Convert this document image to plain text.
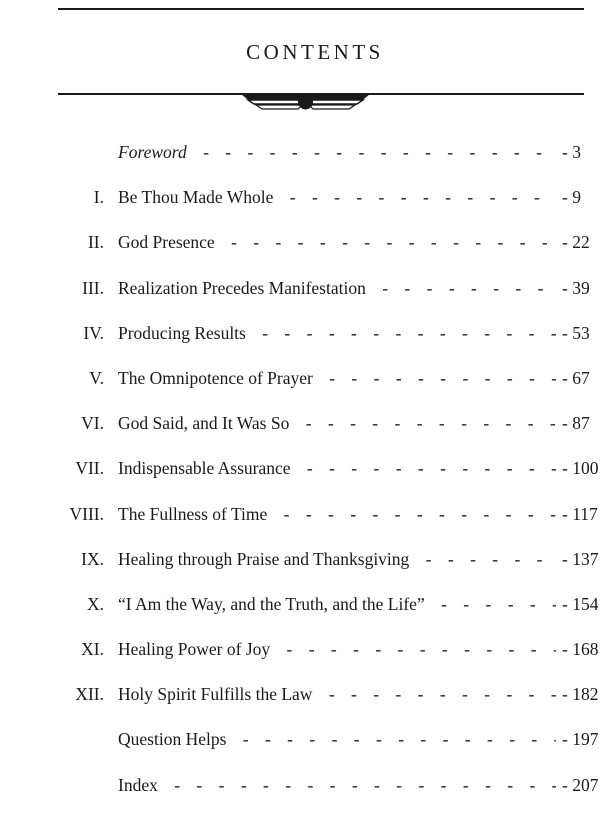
CONTENTS
Foreword - - -	- 3
I. Be Thou Made Whole - - -	- 9
II. God Presence - - -	- 22
III. Realization Precedes Manifestation - - -	- 39
IV. Producing Results - - -	- 53
V. The Omnipotence of Prayer - - -	- 67
VI. God Said, and It Was So - - -	- 87
VII. Indispensable Assurance - - -	- 100
VIII. The Fullness of Time - - -	- 117
IX. Healing through Praise and Thanksgiving - - -	- 137
X. “I Am the Way, and the Truth, and the Life” - - -	- 154
XI. Healing Power of Joy - - -	- 168
XII. Holy Spirit Fulfills the Law - - -	- 182
Question Helps - - -	- 197
Index - - -	- 207
